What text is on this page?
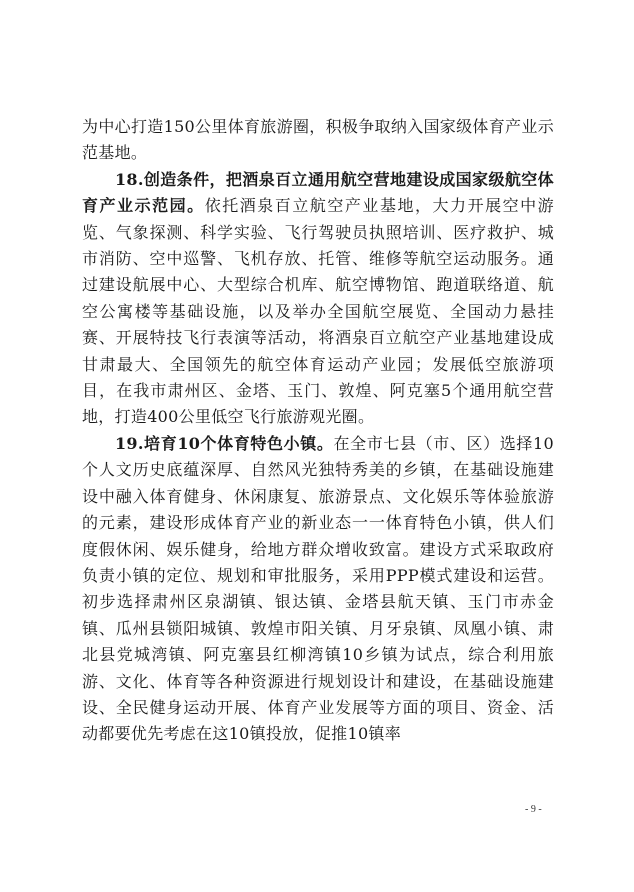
为中心打造150公里体育旅游圈，积极争取纳入国家级体育产业示范基地。

18.创造条件，把酒泉百立通用航空营地建设成国家级航空体育产业示范园。依托酒泉百立航空产业基地，大力开展空中游览、气象探测、科学实验、飞行驾驶员执照培训、医疗救护、城市消防、空中巡警、飞机存放、托管、维修等航空运动服务。通过建设航展中心、大型综合机库、航空博物馆、跑道联络道、航空公寓楼等基础设施，以及举办全国航空展览、全国动力悬挂赛、开展特技飞行表演等活动，将酒泉百立航空产业基地建设成甘肃最大、全国领先的航空体育运动产业园；发展低空旅游项目，在我市肃州区、金塔、玉门、敦煌、阿克塞5个通用航空营地，打造400公里低空飞行旅游观光圈。

19.培育10个体育特色小镇。在全市七县（市、区）选择10个人文历史底蕴深厚、自然风光独特秀美的乡镇，在基础设施建设中融入体育健身、休闲康复、旅游景点、文化娱乐等体验旅游的元素，建设形成体育产业的新业态一一体育特色小镇，供人们度假休闲、娱乐健身，给地方群众增收致富。建设方式采取政府负责小镇的定位、规划和审批服务，采用PPP模式建设和运营。初步选择肃州区泉湖镇、银达镇、金塔县航天镇、玉门市赤金镇、瓜州县锁阳城镇、敦煌市阳关镇、月牙泉镇、凤凰小镇、肃北县党城湾镇、阿克塞县红柳湾镇10乡镇为试点，综合利用旅游、文化、体育等各种资源进行规划设计和建设，在基础设施建设、全民健身运动开展、体育产业发展等方面的项目、资金、活动都要优先考虑在这10镇投放，促推10镇率

- 9 -
